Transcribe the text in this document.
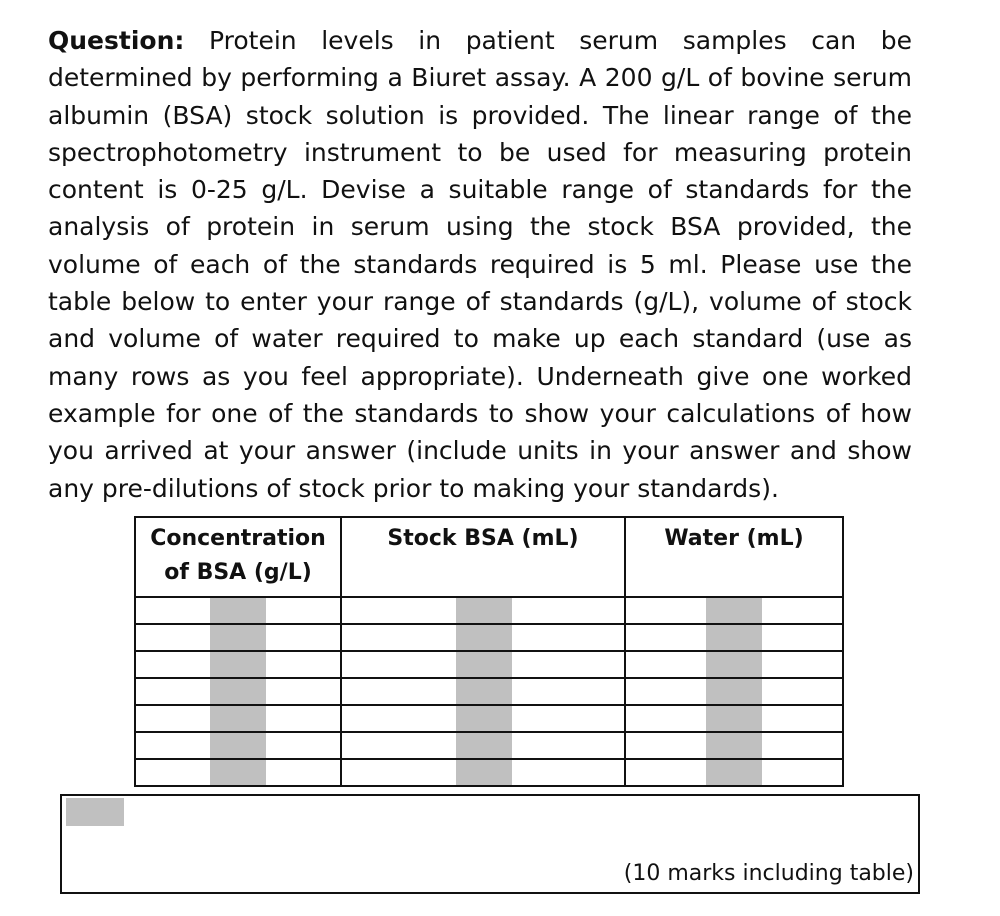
Question: Protein levels in patient serum samples can be determined by performing a Biuret assay. A 200 g/L of bovine serum albumin (BSA) stock solution is provided. The linear range of the spectrophotometry instrument to be used for measuring protein content is 0-25 g/L. Devise a suitable range of standards for the analysis of protein in serum using the stock BSA provided, the volume of each of the standards required is 5 ml. Please use the table below to enter your range of standards (g/L), volume of stock and volume of water required to make up each standard (use as many rows as you feel appropriate). Underneath give one worked example for one of the standards to show your calculations of how you arrived at your answer (include units in your answer and show any pre-dilutions of stock prior to making your standards).

Concentration
of BSA (g/L)	Stock BSA (mL)	Water (mL)

(10 marks including table)
